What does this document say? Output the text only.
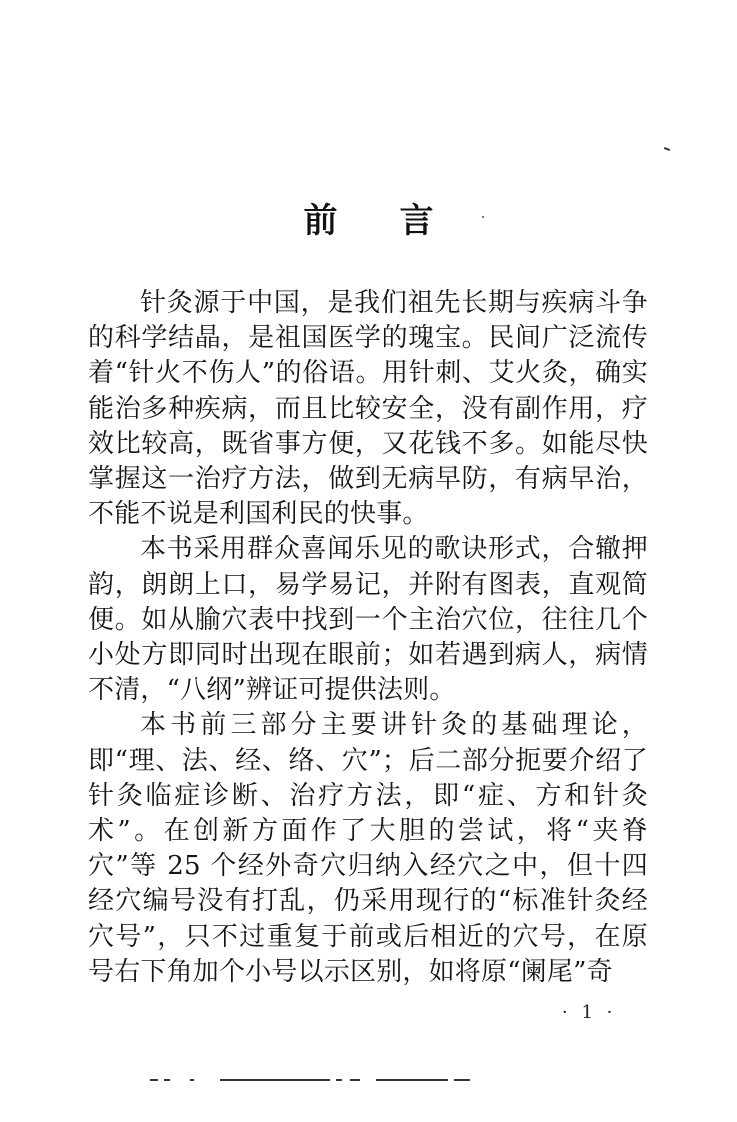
前言

针灸源于中国，是我们祖先长期与疾病斗争的科学结晶，是祖国医学的瑰宝。民间广泛流传着“针火不伤人”的俗语。用针刺、艾火灸，确实能治多种疾病，而且比较安全，没有副作用，疗效比较高，既省事方便，又花钱不多。如能尽快掌握这一治疗方法，做到无病早防，有病早治，不能不说是利国利民的快事。

本书采用群众喜闻乐见的歌诀形式，合辙押韵，朗朗上口，易学易记，并附有图表，直观简便。如从腧穴表中找到一个主治穴位，往往几个小处方即同时出现在眼前；如若遇到病人，病情不清，“八纲”辨证可提供法则。

本书前三部分主要讲针灸的基础理论，即“理、法、经、络、穴”；后二部分扼要介绍了针灸临症诊断、治疗方法，即“症、方和针灸术”。在创新方面作了大胆的尝试，将“夹脊穴”等 25 个经外奇穴归纳入经穴之中，但十四经穴编号没有打乱，仍采用现行的“标准针灸经穴号”，只不过重复于前或后相近的穴号，在原号右下角加个小号以示区别，如将原“阑尾”奇

· 1 ·
